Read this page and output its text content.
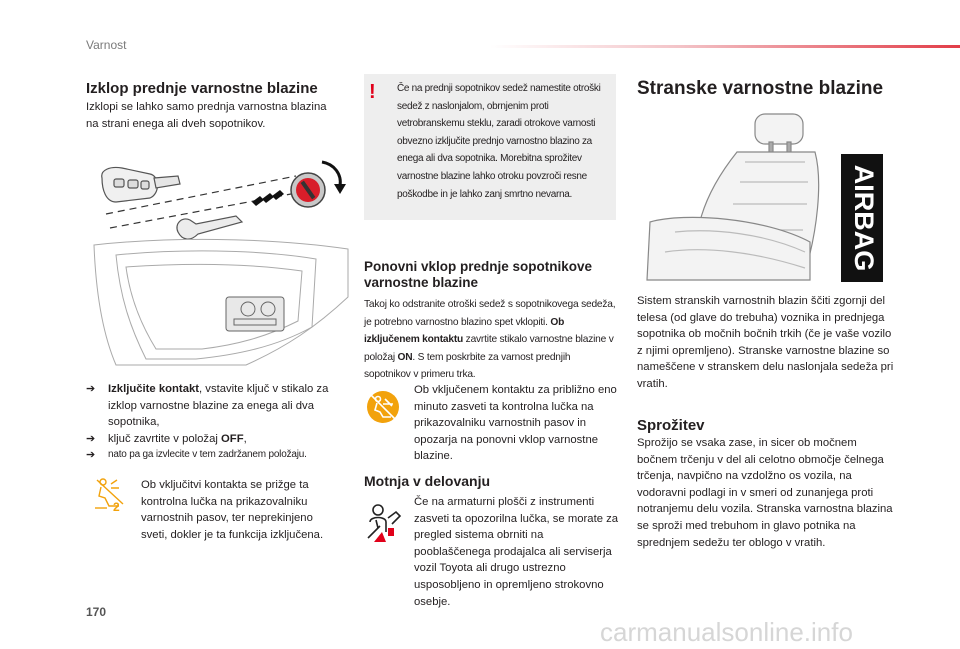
Varnost
Izklop prednje varnostne blazine
Izklopi se lahko samo prednja varnostna blazina na strani enega ali dveh sopotnikov.
➔ Izključite kontakt, vstavite ključ v stikalo za izklop varnostne blazine za enega ali dva sopotnika,
➔ ključ zavrtite v položaj OFF,
➔ nato pa ga izvlecite v tem zadržanem položaju.
2
Ob vključitvi kontakta se prižge ta kontrolna lučka na prikazovalniku varnostnih pasov, ter neprekinjeno sveti, dokler je ta funkcija izključena.
! Če na prednji sopotnikov sedež namestite otroški sedež z naslonjalom, obrnjenim proti vetrobranskemu steklu, zaradi otrokove varnosti obvezno izključite prednjo varnostno blazino za enega ali dva sopotnika. Morebitna sprožitev varnostne blazine lahko otroku povzroči resne poškodbe in je lahko zanj smrtno nevarna.
Ponovni vklop prednje sopotnikove varnostne blazine
Takoj ko odstranite otroški sedež s sopotnikovega sedeža, je potrebno varnostno blazino spet vklopiti. Ob izključenem kontaktu zavrtite stikalo varnostne blazine v položaj ON. S tem poskrbite za varnost prednjih sopotnikov v primeru trka.
Ob vključenem kontaktu za približno eno minuto zasveti ta kontrolna lučka na prikazovalniku varnostnih pasov in opozarja na ponovni vklop varnostne blazine.
Motnja v delovanju
Če na armaturni plošči z instrumenti zasveti ta opozorilna lučka, se morate za pregled sistema obrniti na pooblaščenega prodajalca ali serviserja vozil Toyota ali drugo ustrezno usposobljeno in opremljeno strokovno osebje.
Stranske varnostne blazine
AIRBAG
Sistem stranskih varnostnih blazin ščiti zgornji del telesa (od glave do trebuha) voznika in prednjega sopotnika ob močnih bočnih trkih (če je vaše vozilo z njimi opremljeno). Stranske varnostne blazine so nameščene v stranskem delu naslonjala sedeža pri vratih.
Sprožitev
Sprožijo se vsaka zase, in sicer ob močnem bočnem trčenju v del ali celotno območje čelnega trčenja, navpično na vzdolžno os vozila, na vodoravni podlagi in v smeri od zunanjega proti notranjemu delu vozila. Stranska varnostna blazina se sproži med trebuhom in glavo potnika na sprednjem sedežu ter oblogo v vratih.
170
carmanualsonline.info
